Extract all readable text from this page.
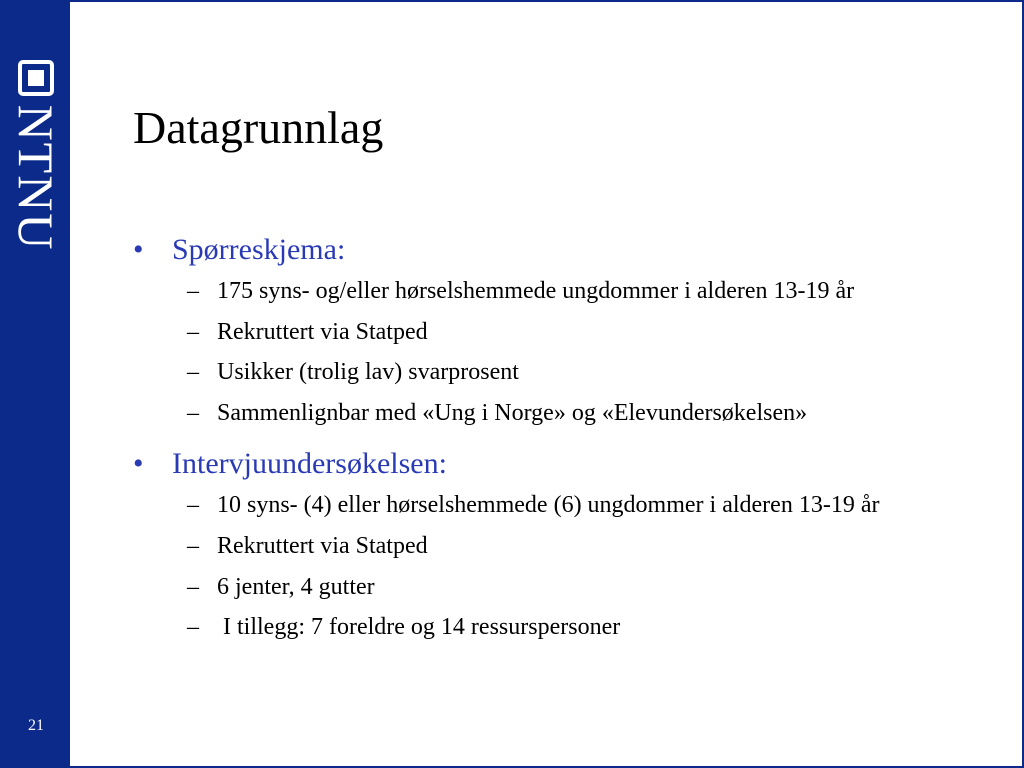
NTNU
21
Datagrunnlag
• Spørreskjema:
– 175 syns- og/eller hørselshemmede ungdommer i alderen 13-19 år
– Rekruttert via Statped
– Usikker (trolig lav) svarprosent
– Sammenlignbar med «Ung i Norge» og «Elevundersøkelsen»
• Intervjuundersøkelsen:
– 10 syns- (4) eller hørselshemmede (6) ungdommer i alderen 13-19 år
– Rekruttert via Statped
– 6 jenter, 4 gutter
– I tillegg: 7 foreldre og 14 ressurspersoner
